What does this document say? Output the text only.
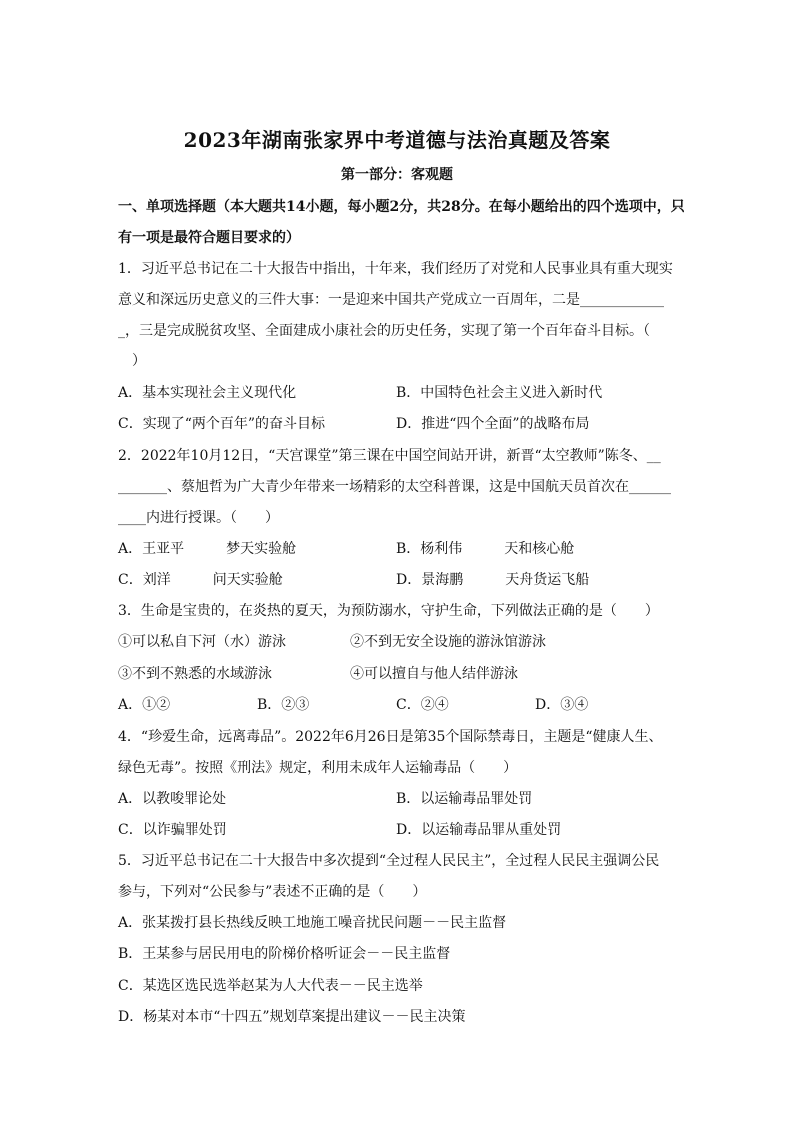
2023年湖南张家界中考道德与法治真题及答案
第一部分：客观题
一、单项选择题（本大题共14小题，每小题2分，共28分。在每小题给出的四个选项中，只
有一项是最符合题目要求的）
1．习近平总书记在二十大报告中指出，十年来，我们经历了对党和人民事业具有重大现实
意义和深远历史意义的三件大事：一是迎来中国共产党成立一百周年，二是____________
_，三是完成脱贫攻坚、全面建成小康社会的历史任务，实现了第一个百年奋斗目标。（
　）
A．基本实现社会主义现代化	B．中国特色社会主义进入新时代
C．实现了“两个百年”的奋斗目标	D．推进“四个全面”的战略布局
2．2022年10月12日，“天宫课堂”第三课在中国空间站开讲，新晋“太空教师”陈冬、__
_______、蔡旭哲为广大青少年带来一场精彩的太空科普课，这是中国航天员首次在______
____内进行授课。（　　）
A．王亚平　　　梦天实验舱	B．杨利伟　　　天和核心舱
C．刘洋　　　问天实验舱	D．景海鹏　　　天舟货运飞船
3．生命是宝贵的，在炎热的夏天，为预防溺水，守护生命，下列做法正确的是（　　）
①可以私自下河（水）游泳	②不到无安全设施的游泳馆游泳
③不到不熟悉的水域游泳	④可以擅自与他人结伴游泳
A．①②	B．②③	C．②④	D．③④
4．“珍爱生命，远离毒品”。2022年6月26日是第35个国际禁毒日，主题是“健康人生、
绿色无毒”。按照《刑法》规定，利用未成年人运输毒品（　　）
A．以教唆罪论处	B．以运输毒品罪处罚
C．以诈骗罪处罚	D．以运输毒品罪从重处罚
5．习近平总书记在二十大报告中多次提到“全过程人民民主”，全过程人民民主强调公民
参与，下列对“公民参与”表述不正确的是（　　）
A．张某拨打县长热线反映工地施工噪音扰民问题－－民主监督
B．王某参与居民用电的阶梯价格听证会－－民主监督
C．某选区选民选举赵某为人大代表－－民主选举
D．杨某对本市“十四五”规划草案提出建议－－民主决策
